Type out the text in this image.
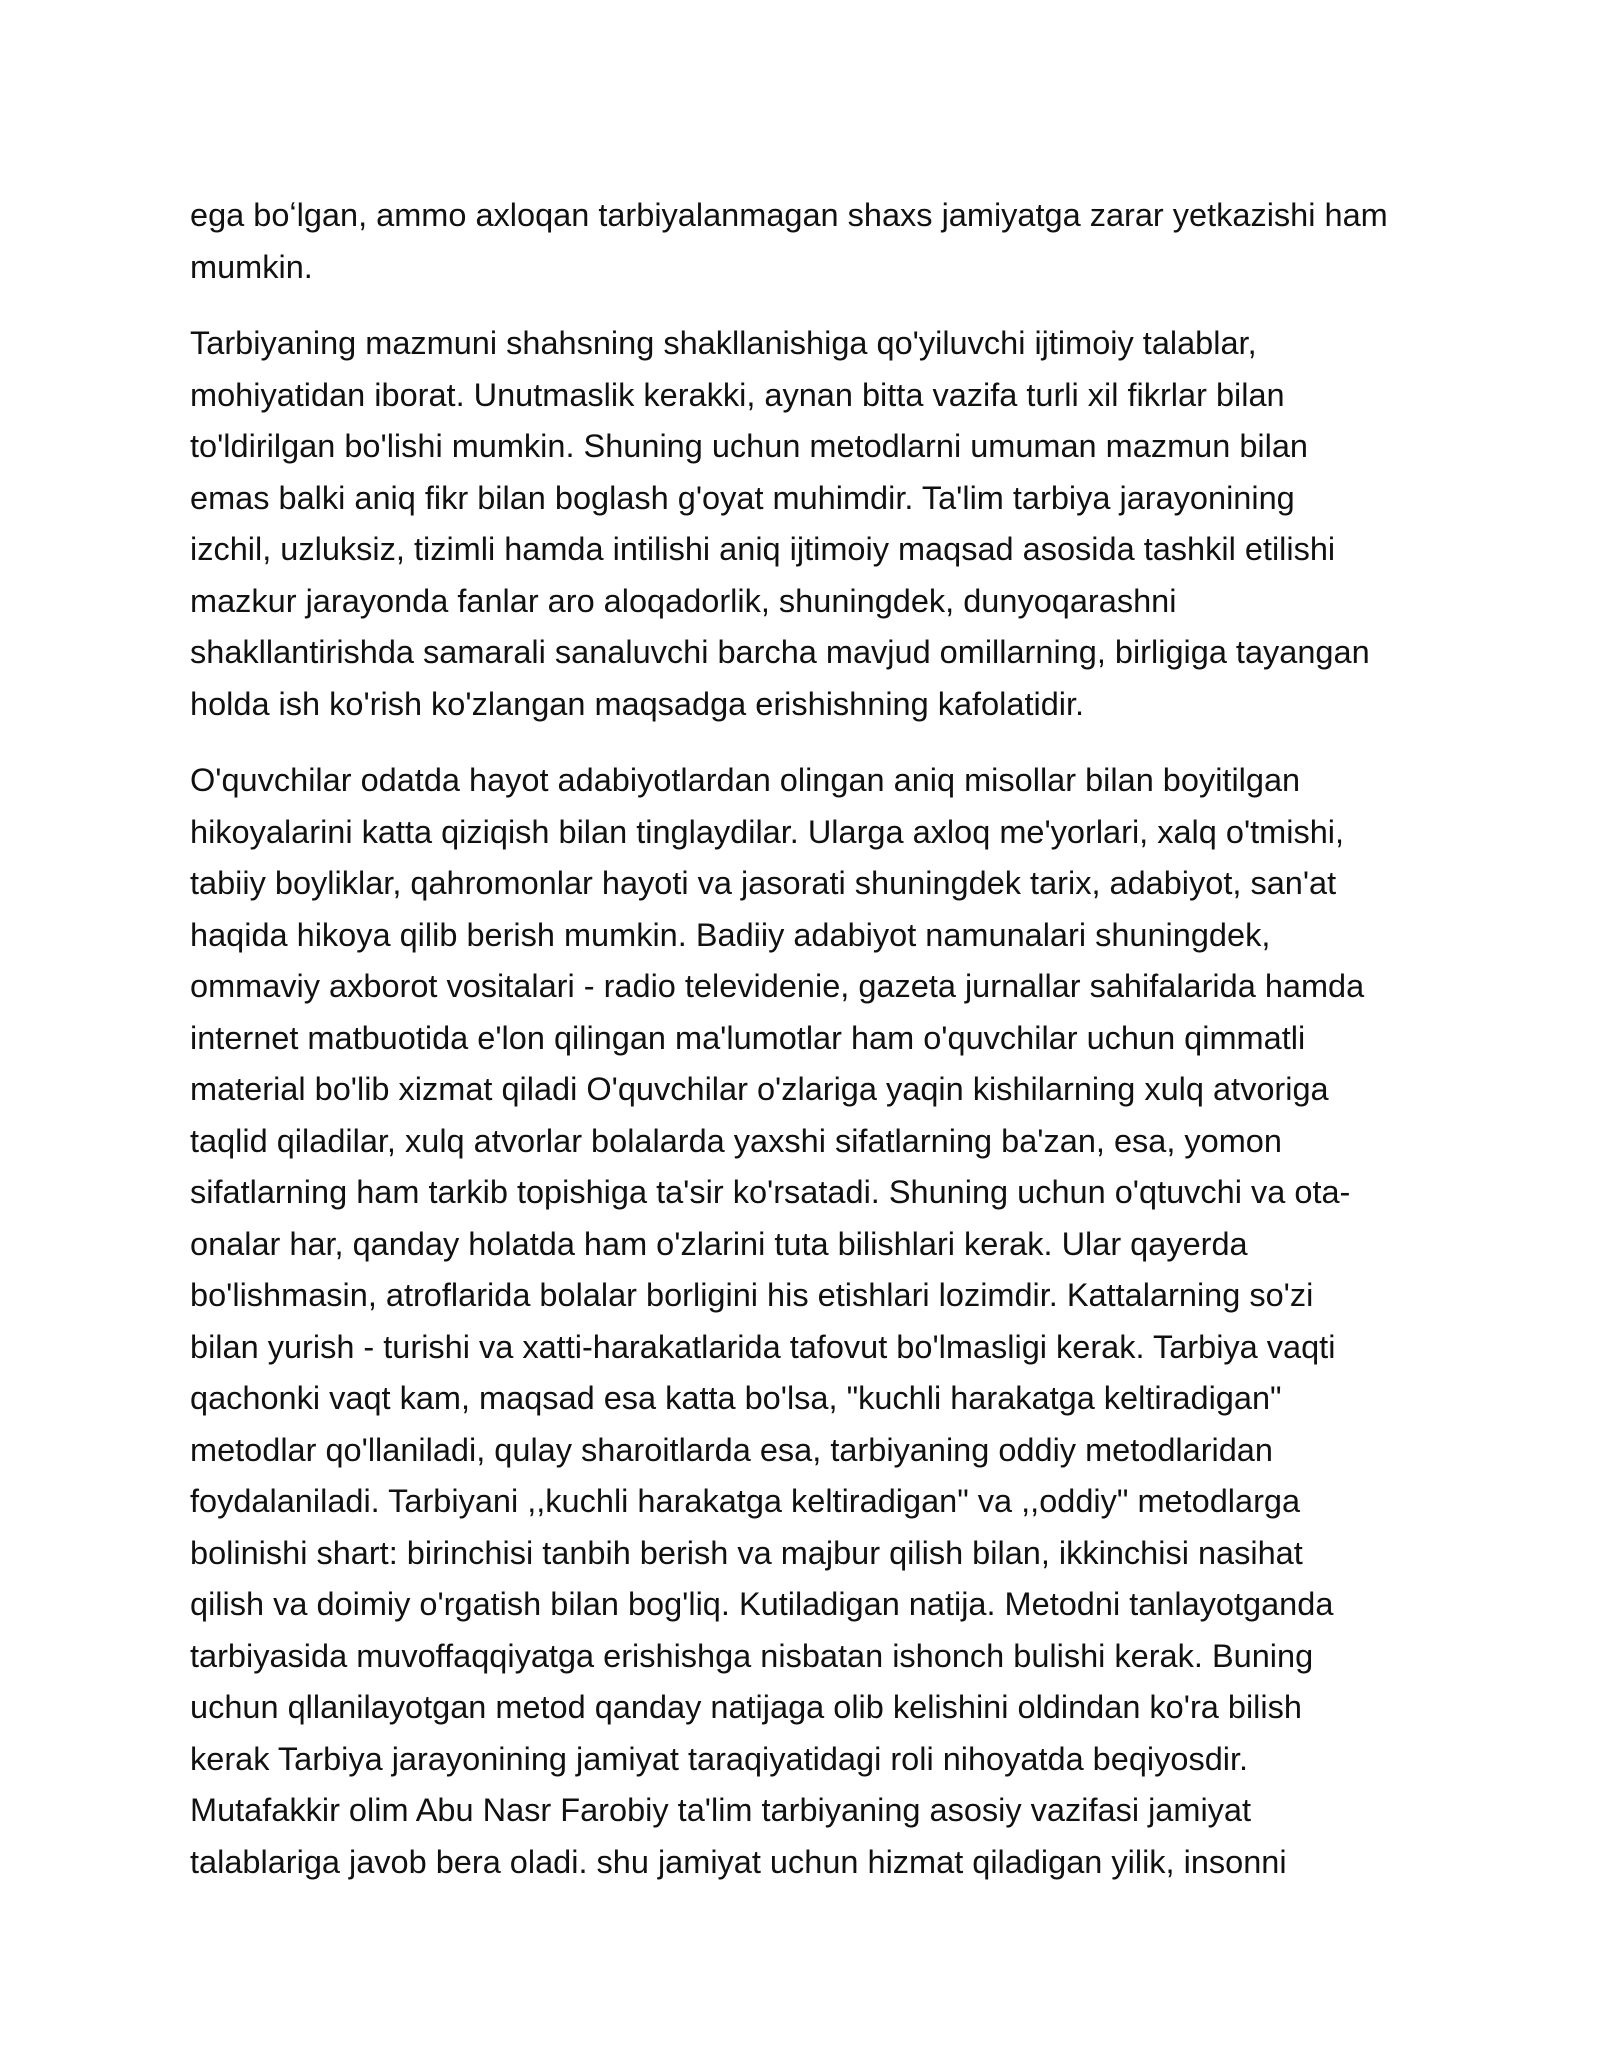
ega boʻlgan, ammo axloqan tarbiyalanmagan shaxs jamiyatga zarar yetkazishi ham
mumkin.

Tarbiyaning mazmuni shahsning shakllanishiga qo'yiluvchi ijtimoiy talablar,
mohiyatidan iborat. Unutmaslik kerakki, aynan bitta vazifa turli xil fikrlar bilan
to'ldirilgan bo'lishi mumkin. Shuning uchun metodlarni umuman mazmun bilan
emas balki aniq fikr bilan boglash g'oyat muhimdir. Ta'lim tarbiya jarayonining
izchil, uzluksiz, tizimli hamda intilishi aniq ijtimoiy maqsad asosida tashkil etilishi
mazkur jarayonda fanlar aro aloqadorlik, shuningdek, dunyoqarashni
shakllantirishda samarali sanaluvchi barcha mavjud omillarning, birligiga tayangan
holda ish ko'rish ko'zlangan maqsadga erishishning kafolatidir.

O'quvchilar odatda hayot adabiyotlardan olingan aniq misollar bilan boyitilgan
hikoyalarini katta qiziqish bilan tinglaydilar. Ularga axloq me'yorlari, xalq o'tmishi,
tabiiy boyliklar, qahromonlar hayoti va jasorati shuningdek tarix, adabiyot, san'at
haqida hikoya qilib berish mumkin. Badiiy adabiyot namunalari shuningdek,
ommaviy axborot vositalari - radio televidenie, gazeta jurnallar sahifalarida hamda
internet matbuotida e'lon qilingan ma'lumotlar ham o'quvchilar uchun qimmatli
material bo'lib xizmat qiladi O'quvchilar o'zlariga yaqin kishilarning xulq atvoriga
taqlid qiladilar, xulq atvorlar bolalarda yaxshi sifatlarning ba'zan, esa, yomon
sifatlarning ham tarkib topishiga ta'sir ko'rsatadi. Shuning uchun o'qtuvchi va ota-
onalar har, qanday holatda ham o'zlarini tuta bilishlari kerak. Ular qayerda
bo'lishmasin, atroflarida bolalar borligini his etishlari lozimdir. Kattalarning so'zi
bilan yurish - turishi va xatti-harakatlarida tafovut bo'lmasligi kerak. Tarbiya vaqti
qachonki vaqt kam, maqsad esa katta bo'lsa, "kuchli harakatga keltiradigan"
metodlar qo'llaniladi, qulay sharoitlarda esa, tarbiyaning oddiy metodlaridan
foydalaniladi. Tarbiyani ,,kuchli harakatga keltiradigan" va ,,oddiy" metodlarga
bolinishi shart: birinchisi tanbih berish va majbur qilish bilan, ikkinchisi nasihat
qilish va doimiy o'rgatish bilan bog'liq. Kutiladigan natija. Metodni tanlayotganda
tarbiyasida muvoffaqqiyatga erishishga nisbatan ishonch bulishi kerak. Buning
uchun qllanilayotgan metod qanday natijaga olib kelishini oldindan ko'ra bilish
kerak Tarbiya jarayonining jamiyat taraqiyatidagi roli nihoyatda beqiyosdir.
Mutafakkir olim Abu Nasr Farobiy ta'lim tarbiyaning asosiy vazifasi jamiyat
talablariga javob bera oladi. shu jamiyat uchun hizmat qiladigan yilik, insonni
